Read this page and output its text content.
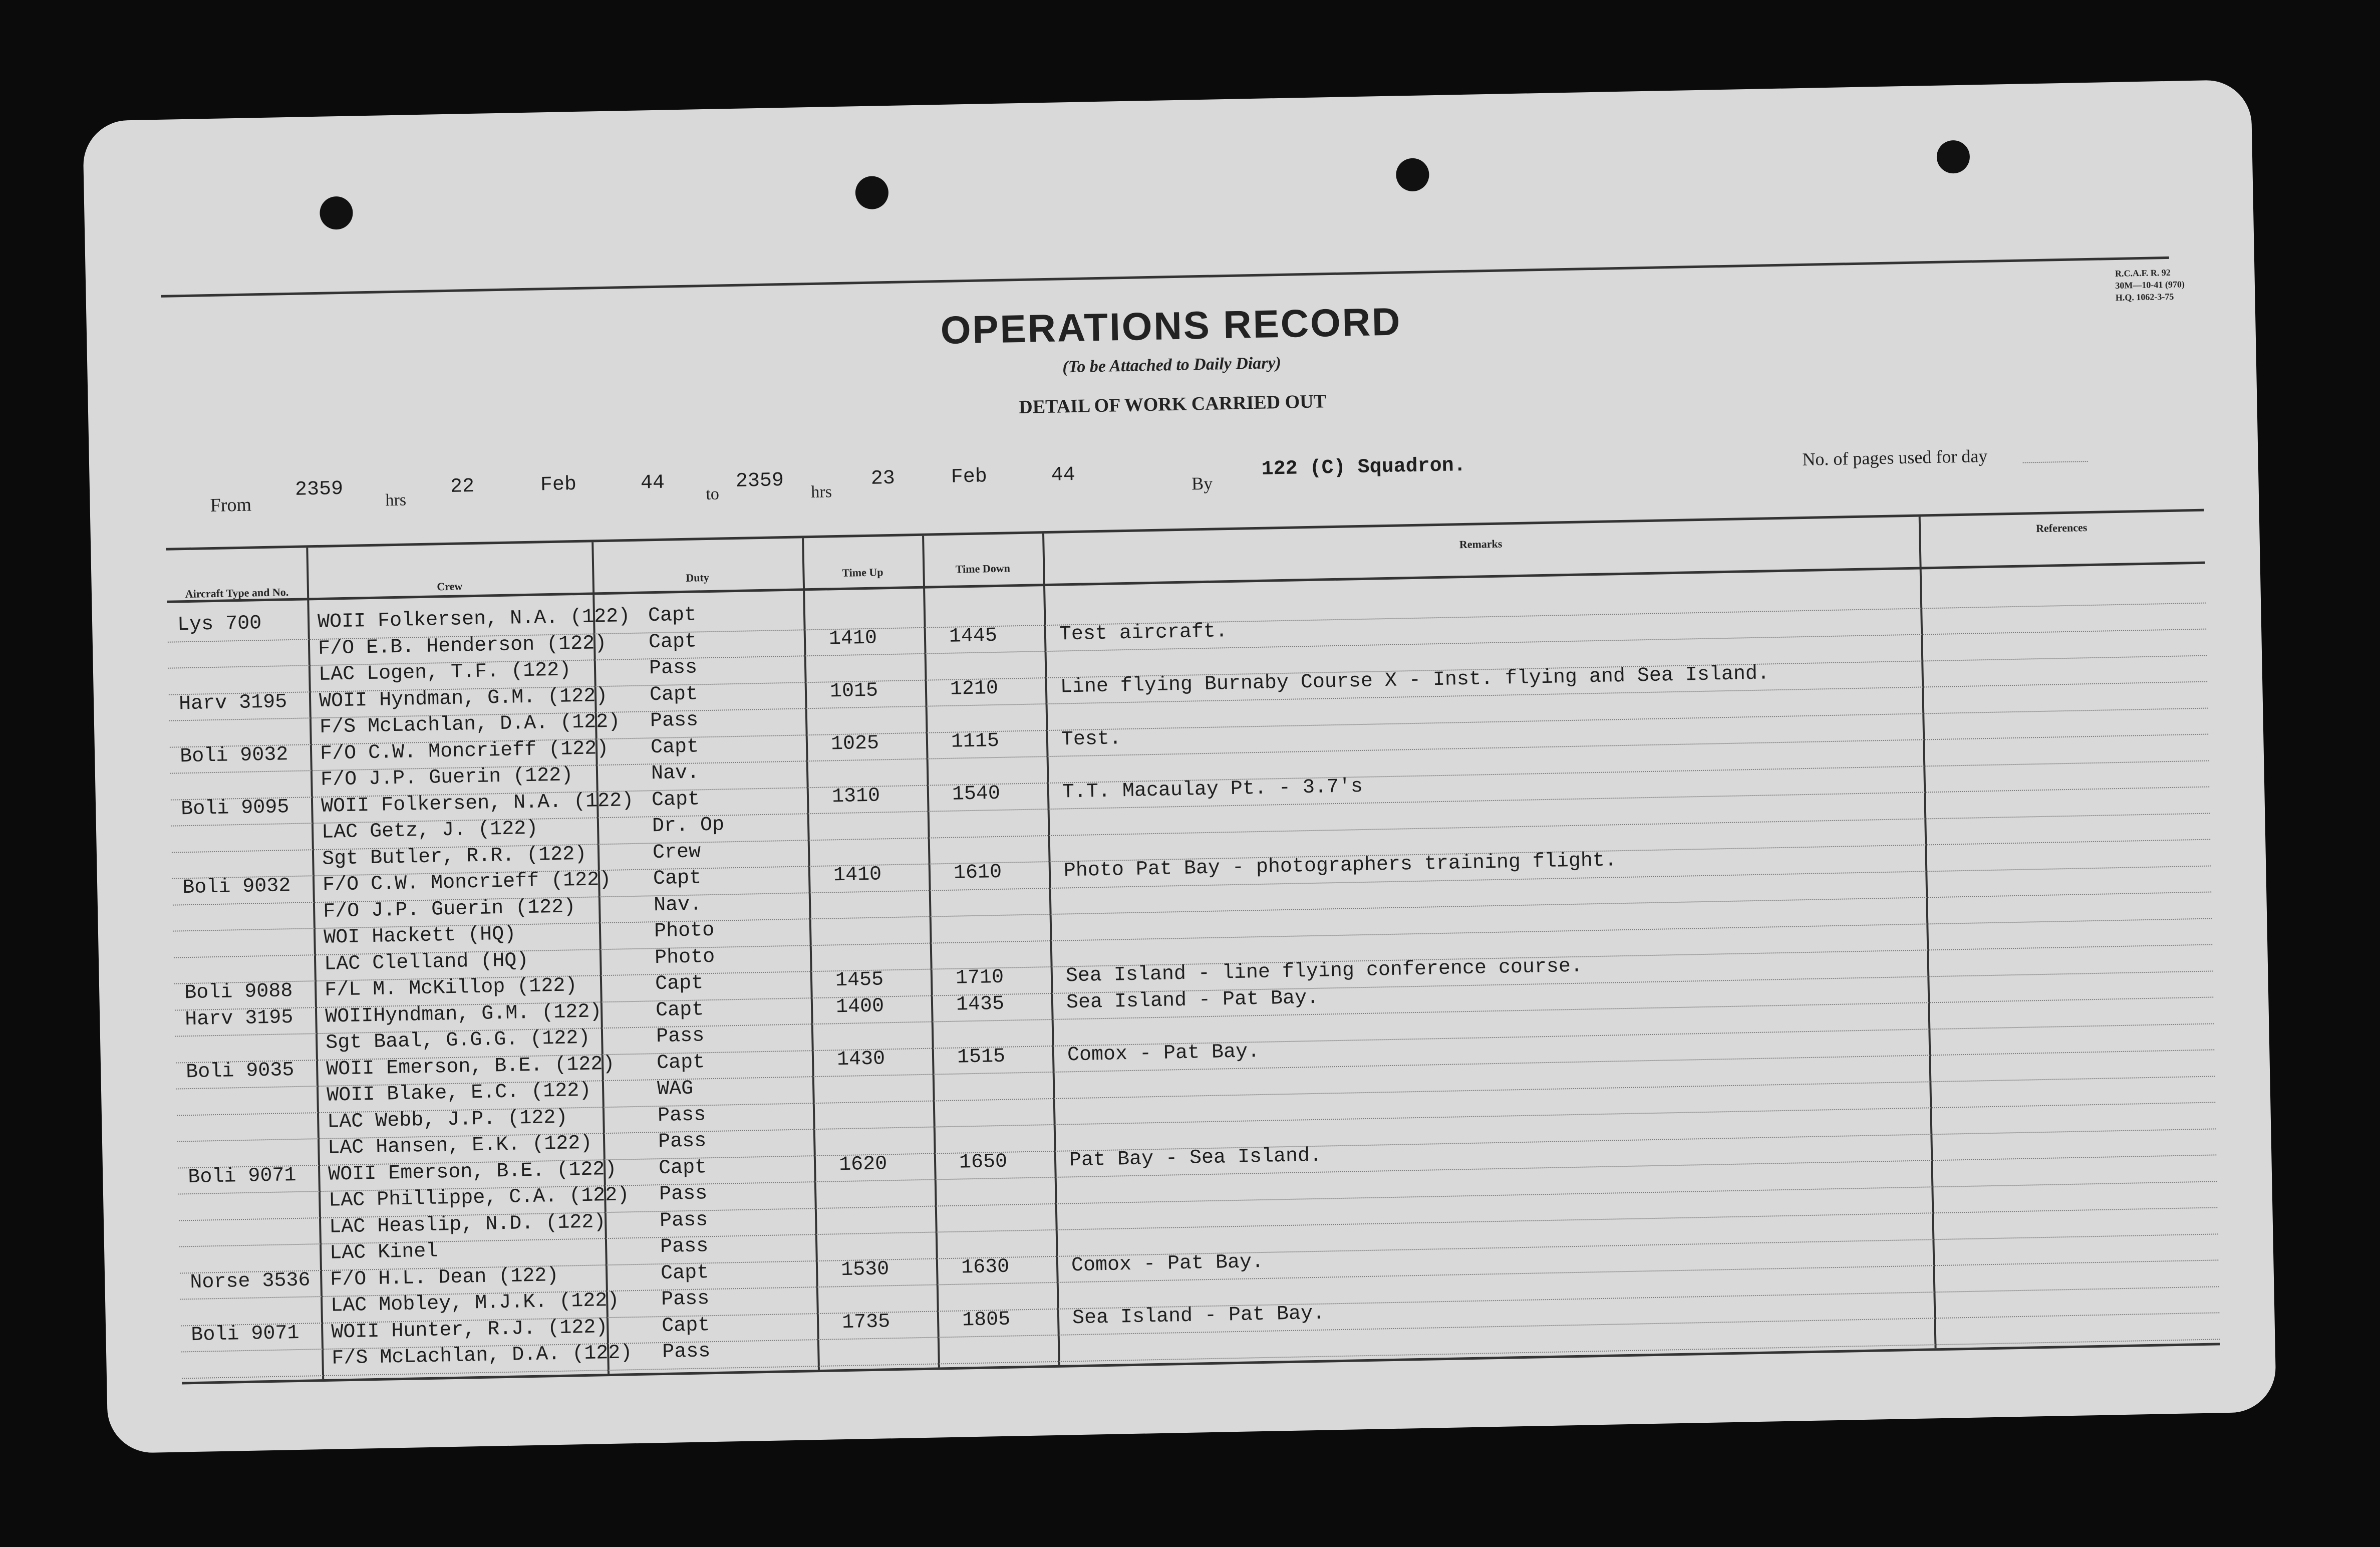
OPERATIONS RECORD
(To be Attached to Daily Diary)
DETAIL OF WORK CARRIED OUT
R.C.A.F. R. 92
30M—10-41 (970)
H.Q. 1062-3-75
From
2359 hrs
22	Feb	44 to
2359 hrs
23	Feb	44	By
122 (C) Squadron.	No. of pages used for day
Aircraft Type and No.	Crew
Duty	Time Up	Time Down
Remarks
References
Lys 700	WOII Folkersen, N.A. (122) Capt
F/O E.B. Henderson (122) Capt	1410	1445	Test aircraft.
LAC Logen, T.F. (122)	Pass
Harv 3195 WOII Hyndman, G.M. (122) Capt	1015	1210	Line flying Burnaby Course X - Inst. flying and Sea Island.
F/S McLachlan, D.A. (122) Pass
Boli 9032 F/O C.W. Moncrieff (122) Capt	1025	1115	Test.
F/O J.P. Guerin (122)	Nav.
Boli 9095 WOII Folkersen, N.A. (122) Capt	1310	1540	T.T. Macaulay Pt. - 3.7's
LAC Getz, J. (122)	Dr. Op
Sgt Butler, R.R. (122)	Crew
Boli 9032 F/O C.W. Moncrieff (122) Capt	1410	1610	Photo Pat Bay - photographers training flight.
F/O J.P. Guerin (122)	Nav.
WOI Hackett (HQ)	Photo
LAC Clelland (HQ)	Photo
Boli 9088 F/L M. McKillop (122)	Capt	1455	1710	Sea Island - line flying conference course.
Harv 3195 WOIIHyndman, G.M. (122)	Capt	1400	1435	Sea Island - Pat Bay.
Sgt Baal, G.G.G. (122)	Pass
Boli 9035 WOII Emerson, B.E. (122) Capt	1430	1515	Comox - Pat Bay.
WOII Blake, E.C. (122)	WAG
LAC Webb, J.P. (122)	Pass
LAC Hansen, E.K. (122)	Pass
Boli 9071 WOII Emerson, B.E. (122) Capt	1620	1650	Pat Bay - Sea Island.
LAC Phillippe, C.A. (122) Pass
LAC Heaslip, N.D. (122)	Pass
LAC Kinel	Pass
Norse 3536 F/O H.L. Dean (122)	Capt	1530	1630	Comox - Pat Bay.
LAC Mobley, M.J.K. (122) Pass
Boli 9071 WOII Hunter, R.J. (122)	Capt	1735	1805	Sea Island - Pat Bay.
F/S McLachlan, D.A. (122) Pass
